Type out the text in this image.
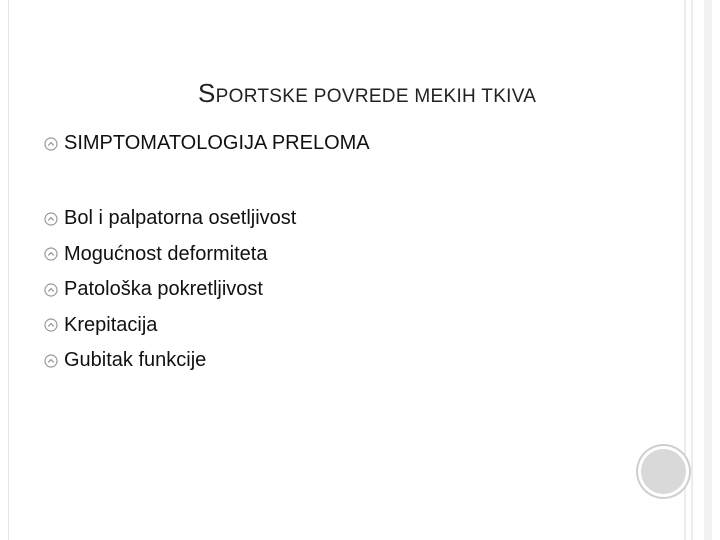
SPORTSKE POVREDE MEKIH TKIVA
SIMPTOMATOLOGIJA PRELOMA
Bol i palpatorna osetljivost
Mogućnost deformiteta
Patološka pokretljivost
Krepitacija
Gubitak funkcije
